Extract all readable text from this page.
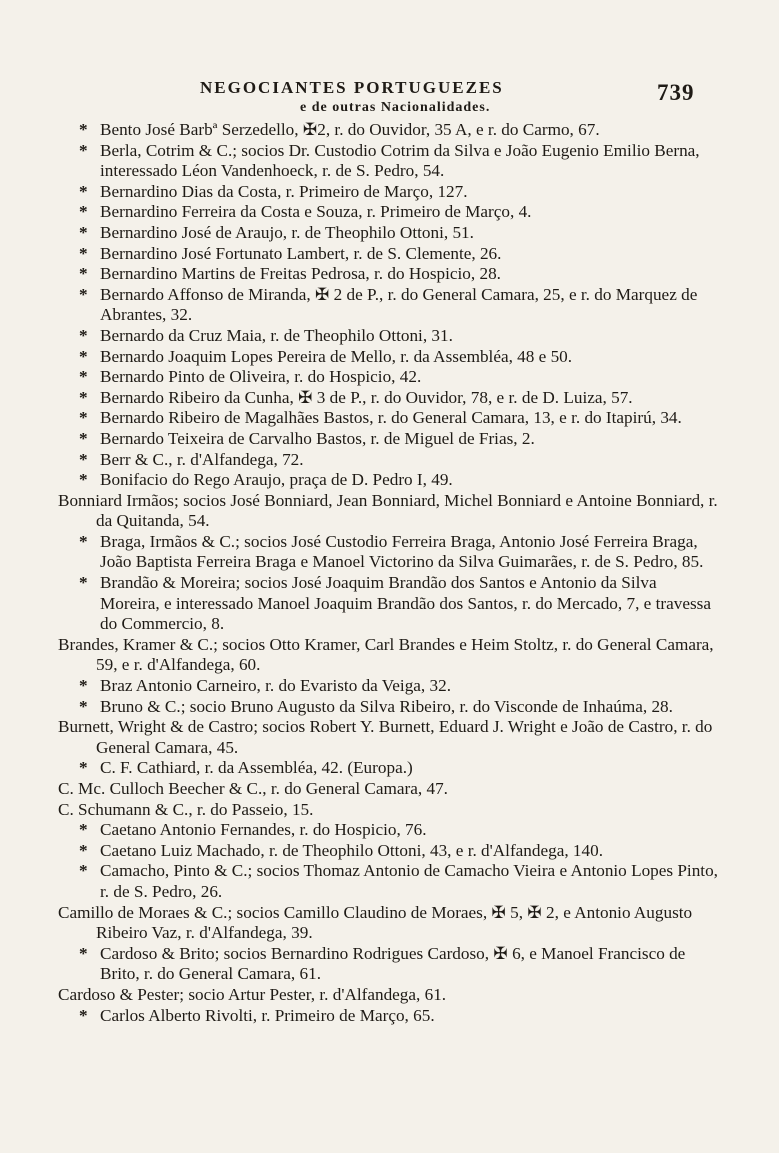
NEGOCIANTES PORTUGUEZES	739
e de outras Nacionalidades.
* Bento José Barbª Serzedello, ✠2, r. do Ouvidor, 35 A, e r. do Carmo, 67.
* Berla, Cotrim & C.; socios Dr. Custodio Cotrim da Silva e João Eugenio Emilio Berna, interessado Léon Vandenhoeck, r. de S. Pedro, 54.
* Bernardino Dias da Costa, r. Primeiro de Março, 127.
* Bernardino Ferreira da Costa e Souza, r. Primeiro de Março, 4.
* Bernardino José de Araujo, r. de Theophilo Ottoni, 51.
* Bernardino José Fortunato Lambert, r. de S. Clemente, 26.
* Bernardino Martins de Freitas Pedrosa, r. do Hospicio, 28.
* Bernardo Affonso de Miranda, ✠ 2 de P., r. do General Camara, 25, e r. do Marquez de Abrantes, 32.
* Bernardo da Cruz Maia, r. de Theophilo Ottoni, 31.
* Bernardo Joaquim Lopes Pereira de Mello, r. da Assembléa, 48 e 50.
* Bernardo Pinto de Oliveira, r. do Hospicio, 42.
* Bernardo Ribeiro da Cunha, ✠ 3 de P., r. do Ouvidor, 78, e r. de D. Luiza, 57.
* Bernardo Ribeiro de Magalhães Bastos, r. do General Camara, 13, e r. do Itapirú, 34.
* Bernardo Teixeira de Carvalho Bastos, r. de Miguel de Frias, 2.
* Berr & C., r. d'Alfandega, 72.
* Bonifacio do Rego Araujo, praça de D. Pedro I, 49.
Bonniard Irmãos; socios José Bonniard, Jean Bonniard, Michel Bonniard e Antoine Bonniard, r. da Quitanda, 54.
* Braga, Irmãos & C.; socios José Custodio Ferreira Braga, Antonio José Ferreira Braga, João Baptista Ferreira Braga e Manoel Victorino da Silva Guimarães, r. de S. Pedro, 85.
* Brandão & Moreira; socios José Joaquim Brandão dos Santos e Antonio da Silva Moreira, e interessado Manoel Joaquim Brandão dos Santos, r. do Mercado, 7, e travessa do Commercio, 8.
Brandes, Kramer & C.; socios Otto Kramer, Carl Brandes e Heim Stoltz, r. do General Camara, 59, e r. d'Alfandega, 60.
* Braz Antonio Carneiro, r. do Evaristo da Veiga, 32.
* Bruno & C.; socio Bruno Augusto da Silva Ribeiro, r. do Visconde de Inhaúma, 28.
Burnett, Wright & de Castro; socios Robert Y. Burnett, Eduard J. Wright e João de Castro, r. do General Camara, 45.
* C. F. Cathiard, r. da Assembléa, 42. (Europa.)
C. Mc. Culloch Beecher & C., r. do General Camara, 47.
C. Schumann & C., r. do Passeio, 15.
* Caetano Antonio Fernandes, r. do Hospicio, 76.
* Caetano Luiz Machado, r. de Theophilo Ottoni, 43, e r. d'Alfandega, 140.
* Camacho, Pinto & C.; socios Thomaz Antonio de Camacho Vieira e Antonio Lopes Pinto, r. de S. Pedro, 26.
Camillo de Moraes & C.; socios Camillo Claudino de Moraes, ✠ 5, ✠ 2, e Antonio Augusto Ribeiro Vaz, r. d'Alfandega, 39.
* Cardoso & Brito; socios Bernardino Rodrigues Cardoso, ✠ 6, e Manoel Francisco de Brito, r. do General Camara, 61.
Cardoso & Pester; socio Artur Pester, r. d'Alfandega, 61.
* Carlos Alberto Rivolti, r. Primeiro de Março, 65.
